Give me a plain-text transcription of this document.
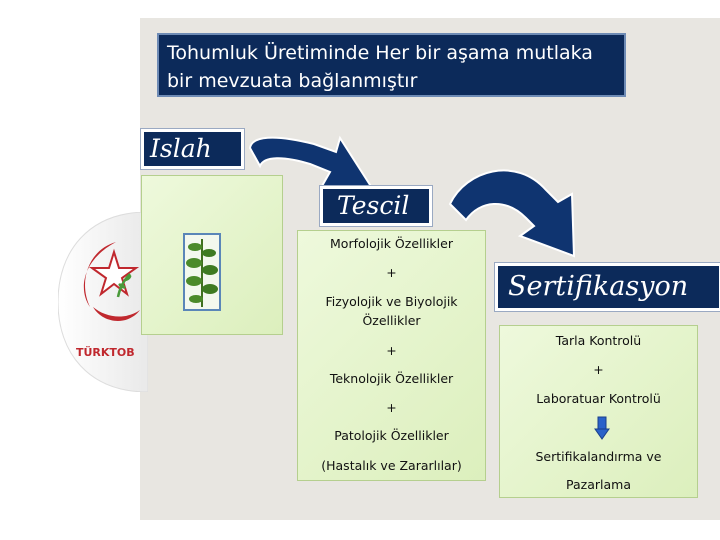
TÜRKTOB
Tohumluk Üretiminde Her bir aşama mutlaka
bir mevzuata bağlanmıştır
Islah
Tescil
Morfolojik Özellikler
+
Fizyolojik ve Biyolojik
Özellikler
+
Teknolojik Özellikler
+
Patolojik Özellikler
(Hastalık ve Zararlılar)
Sertifikasyon
Tarla Kontrolü
+
Laboratuar Kontrolü
Sertifikalandırma ve
Pazarlama
